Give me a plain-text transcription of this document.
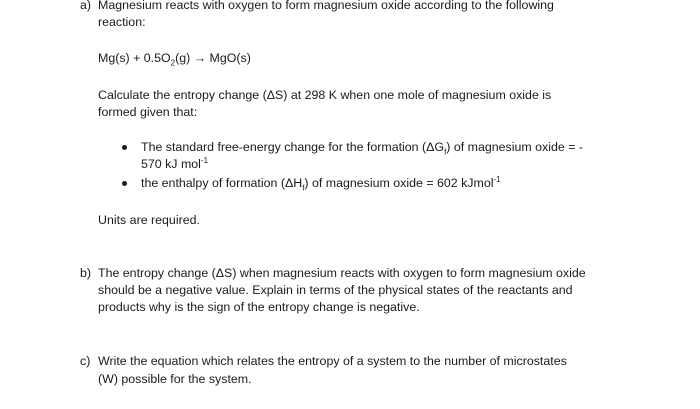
a) Magnesium reacts with oxygen to form magnesium oxide according to the following
reaction:
$Mg(s) + 0.5O_2(g) \to MgO(s)$
Calculate the entropy change (ΔS) at 298 K when one mole of magnesium oxide is
formed given that:
The standard free-energy change for the formation $(\Delta G_f)$ of magnesium oxide = -
570 kJ mol$^{-1}$
the enthalpy of formation $(\Delta H_f)$ of magnesium oxide = 602 kJmol$^{-1}$
Units are required.
b) The entropy change (ΔS) when magnesium reacts with oxygen to form magnesium oxide
should be a negative value. Explain in terms of the physical states of the reactants and
products why is the sign of the entropy change is negative.
c) Write the equation which relates the entropy of a system to the number of microstates
(W) possible for the system.
